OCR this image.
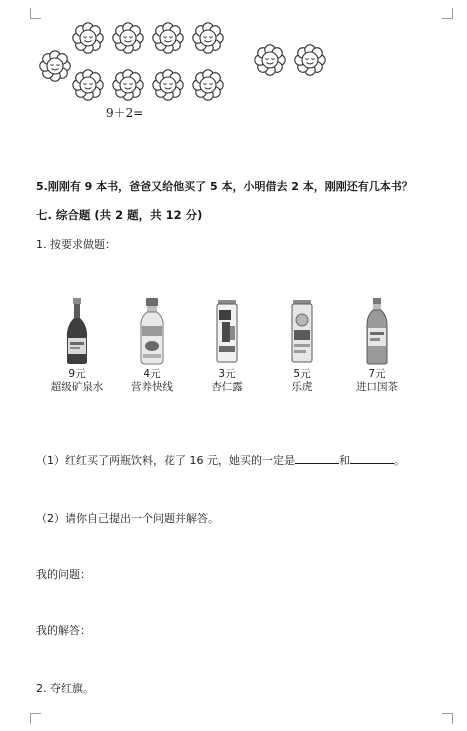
9＋2=
5.刚刚有 9 本书，爸爸又给他买了 5 本，小明借去 2 本，刚刚还有几本书？
七. 综合题 (共 2 题，共 12 分)
1. 按要求做题：
9元
超级矿泉水
4元
营养快线
3元
杏仁露
5元
乐虎
7元
进口国茶
（1）红红买了两瓶饮料，花了 16 元，她买的一定是	和	。
（2）请你自己提出一个问题并解答。
我的问题：
我的解答：
2. 夺红旗。
